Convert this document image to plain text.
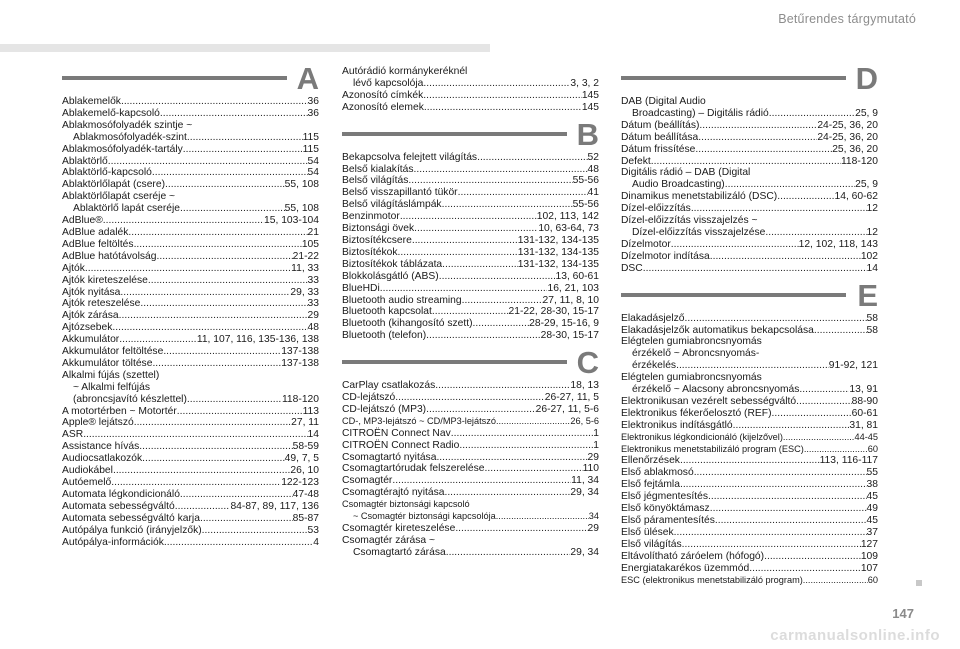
Betűrendes tárgymutató
A
Ablakemelők .....	36
Ablakemelő-kapcsoló .....	36
Ablakmosófolyadék szintje ~
Ablakmosófolyadék-szint .....	115
Ablakmosófolyadék-tartály .....	115
Ablaktörlő .....	54
Ablaktörlő-kapcsoló .....	54
Ablaktörlőlapát (csere) .....	55, 108
Ablaktörlőlapát cseréje ~
Ablaktörlő lapát cseréje .....	55, 108
AdBlue® .....	15, 103-104
AdBlue adalék .....	21
AdBlue feltöltés .....	105
AdBlue hatótávolság .....	21-22
Ajtók .....	11, 33
Ajtók kireteszelése .....	33
Ajtók nyitása .....	29, 33
Ajtók reteszelése .....	33
Ajtók zárása .....	29
Ajtózsebek .....	48
Akkumulátor .....	11, 107, 116, 135-136, 138
Akkumulátor feltöltése .....	137-138
Akkumulátor töltése .....	137-138
Alkalmi fújás (szettel)
~ Alkalmi felfújás
(abroncsjavító készlettel) .....	118-120
A motortérben ~ Motortér .....	113
Apple® lejátszó .....	27, 11
ASR .....	14
Assistance hívás .....	58-59
Audiocsatlakozók .....	49, 7, 5
Audiokábel .....	26, 10
Autóemelő .....	122-123
Automata légkondicionáló .....	47-48
Automata sebességváltó .....	84-87, 89, 117, 136
Automata sebességváltó karja .....	85-87
Autópálya funkció (irányjelzők) .....	53
Autópálya-információk .....	4
Autórádió kormánykeréknél
lévő kapcsolója .....	3, 3, 2
Azonosító címkék .....	145
Azonosító elemek .....	145
B
Bekapcsolva felejtett világítás .....	52
Belső kialakítás .....	48
Belső világítás .....	55-56
Belső visszapillantó tükör .....	41
Belső világításlámpák .....	55-56
Benzinmotor .....	102, 113, 142
Biztonsági övek .....	10, 63-64, 73
Biztosítékcsere .....	131-132, 134-135
Biztosítékok .....	131-132, 134-135
Biztosítékok táblázata .....	131-132, 134-135
Blokkolásgátló (ABS) .....	13, 60-61
BlueHDi .....	16, 21, 103
Bluetooth audio streaming .....	27, 11, 8, 10
Bluetooth kapcsolat .....	21-22, 28-30, 15-17
Bluetooth (kihangosító szett) .....	28-29, 15-16, 9
Bluetooth (telefon) .....	28-30, 15-17
C
CarPlay csatlakozás .....	18, 13
CD-lejátszó .....	26-27, 11, 5
CD-lejátszó (MP3) .....	26-27, 11, 5-6
CD-, MP3-lejátszó ~ CD/MP3-lejátszó .....	26, 5-6
CITROËN Connect Nav .....	1
CITROËN Connect Radio .....	1
Csomagtartó nyitása .....	29
Csomagtartórudak felszerelése .....	110
Csomagtér .....	11, 34
Csomagtérajtó nyitása .....	29, 34
Csomagtér biztonsági kapcsoló
~ Csomagtér biztonsági kapcsolója .....	34
Csomagtér kireteszelése .....	29
Csomagtér zárása ~
Csomagtartó zárása .....	29, 34
D
DAB (Digital Audio
Broadcasting) – Digitális rádió .....	25, 9
Dátum (beállítás) .....	24-25, 36, 20
Dátum beállítása .....	24-25, 36, 20
Dátum frissítése .....	25, 36, 20
Defekt .....	118-120
Digitális rádió – DAB (Digital
Audio Broadcasting) .....	25, 9
Dinamikus menetstabilizáló (DSC) .....	14, 60-62
Dízel-előizzítás .....	12
Dízel-előizzítás visszajelzés ~
Dízel-előizzítás visszajelzése .....	12
Dízelmotor .....	12, 102, 118, 143
Dízelmotor indítása .....	102
DSC .....	14
E
Elakadásjelző .....	58
Elakadásjelzők automatikus bekapcsolása .....	58
Elégtelen gumiabroncsnyomás
érzékelő ~ Abroncsnyomás-
érzékelés .....	91-92, 121
Elégtelen gumiabroncsnyomás
érzékelő ~ Alacsony abroncsnyomás .....	13, 91
Elektronikusan vezérelt sebességváltó .....	88-90
Elektronikus fékerőelosztó (REF) .....	60-61
Elektronikus indításgátló .....	31, 81
Elektronikus légkondicionáló (kijelzővel) .....	44-45
Elektronikus menetstabilizáló program (ESC) .....	60
Ellenőrzések .....	113, 116-117
Első ablakmosó .....	55
Első fejtámla .....	38
Első jégmentesítés .....	45
Első könyöktámasz .....	49
Első páramentesítés .....	45
Első ülések .....	37
Első világítás .....	127
Eltávolítható záróelem (hófogó) .....	109
Energiatakarékos üzemmód .....	107
ESC (elektronikus menetstabilizáló program) .....	60
147
carmanualsonline.info
